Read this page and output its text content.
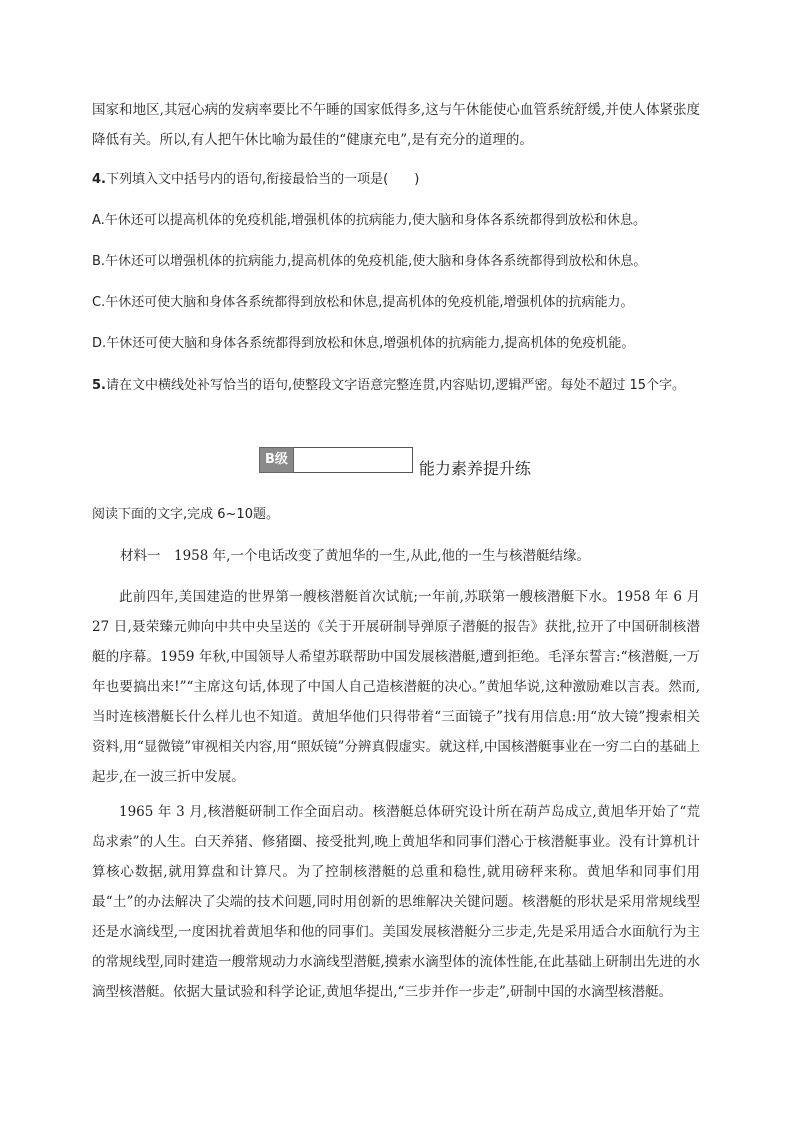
国家和地区,其冠心病的发病率要比不午睡的国家低得多,这与午休能使心血管系统舒缓,并使人体紧张度降低有关。所以,有人把午休比喻为最佳的“健康充电”,是有充分的道理的。
4.下列填入文中括号内的语句,衔接最恰当的一项是(　　)
A.午休还可以提高机体的免疫机能,增强机体的抗病能力,使大脑和身体各系统都得到放松和休息。
B.午休还可以增强机体的抗病能力,提高机体的免疫机能,使大脑和身体各系统都得到放松和休息。
C.午休还可使大脑和身体各系统都得到放松和休息,提高机体的免疫机能,增强机体的抗病能力。
D.午休还可使大脑和身体各系统都得到放松和休息,增强机体的抗病能力,提高机体的免疫机能。
5.请在文中横线处补写恰当的语句,使整段文字语意完整连贯,内容贴切,逻辑严密。每处不超过 15个字。
B级	能力素养提升练
阅读下面的文字,完成 6~10题。
材料一　1958 年,一个电话改变了黄旭华的一生,从此,他的一生与核潜艇结缘。
此前四年,美国建造的世界第一艘核潜艇首次试航;一年前,苏联第一艘核潜艇下水。1958 年 6 月 27 日,聂荣臻元帅向中共中央呈送的《关于开展研制导弹原子潜艇的报告》获批,拉开了中国研制核潜艇的序幕。1959 年秋,中国领导人希望苏联帮助中国发展核潜艇,遭到拒绝。毛泽东誓言:“核潜艇,一万年也要搞出来!”“主席这句话,体现了中国人自己造核潜艇的决心。”黄旭华说,这种激励难以言表。然而,当时连核潜艇长什么样儿也不知道。黄旭华他们只得带着“三面镜子”找有用信息:用“放大镜”搜索相关资料,用“显微镜”审视相关内容,用“照妖镜”分辨真假虚实。就这样,中国核潜艇事业在一穷二白的基础上起步,在一波三折中发展。
1965 年 3 月,核潜艇研制工作全面启动。核潜艇总体研究设计所在葫芦岛成立,黄旭华开始了“荒岛求索”的人生。白天养猪、修猪圈、接受批判,晚上黄旭华和同事们潜心于核潜艇事业。没有计算机计算核心数据,就用算盘和计算尺。为了控制核潜艇的总重和稳性,就用磅秤来称。黄旭华和同事们用最“土”的办法解决了尖端的技术问题,同时用创新的思维解决关键问题。核潜艇的形状是采用常规线型还是水滴线型,一度困扰着黄旭华和他的同事们。美国发展核潜艇分三步走,先是采用适合水面航行为主的常规线型,同时建造一艘常规动力水滴线型潜艇,摸索水滴型体的流体性能,在此基础上研制出先进的水滴型核潜艇。依据大量试验和科学论证,黄旭华提出,“三步并作一步走”,研制中国的水滴型核潜艇。
